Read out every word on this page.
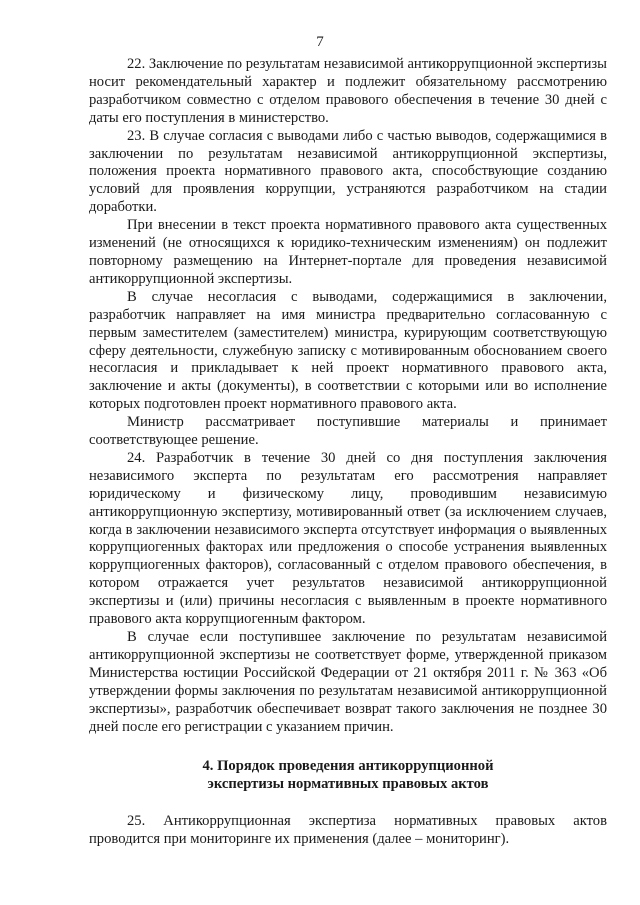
7

22. Заключение по результатам независимой антикоррупционной экспертизы носит рекомендательный характер и подлежит обязательному рассмотрению разработчиком совместно с отделом правового обеспечения в течение 30 дней с даты его поступления в министерство.

23. В случае согласия с выводами либо с частью выводов, содержащимися в заключении по результатам независимой антикоррупционной экспертизы, положения проекта нормативного правового акта, способствующие созданию условий для проявления коррупции, устраняются разработчиком на стадии доработки.

При внесении в текст проекта нормативного правового акта существенных изменений (не относящихся к юридико-техническим изменениям) он подлежит повторному размещению на Интернет-портале для проведения независимой антикоррупционной экспертизы.

В случае несогласия с выводами, содержащимися в заключении, разработчик направляет на имя министра предварительно согласованную с первым заместителем (заместителем) министра, курирующим соответствующую сферу деятельности, служебную записку с мотивированным обоснованием своего несогласия и прикладывает к ней проект нормативного правового акта, заключение и акты (документы), в соответствии с которыми или во исполнение которых подготовлен проект нормативного правового акта.

Министр рассматривает поступившие материалы и принимает соответствующее решение.

24. Разработчик в течение 30 дней со дня поступления заключения независимого эксперта по результатам его рассмотрения направляет юридическому и физическому лицу, проводившим независимую антикоррупционную экспертизу, мотивированный ответ (за исключением случаев, когда в заключении независимого эксперта отсутствует информация о выявленных коррупциогенных факторах или предложения о способе устранения выявленных коррупциогенных факторов), согласованный с отделом правового обеспечения, в котором отражается учет результатов независимой антикоррупционной экспертизы и (или) причины несогласия с выявленным в проекте нормативного правового акта коррупциогенным фактором.

В случае если поступившее заключение по результатам независимой антикоррупционной экспертизы не соответствует форме, утвержденной приказом Министерства юстиции Российской Федерации от 21 октября 2011 г. № 363 «Об утверждении формы заключения по результатам независимой антикоррупционной экспертизы», разработчик обеспечивает возврат такого заключения не позднее 30 дней после его регистрации с указанием причин.

4. Порядок проведения антикоррупционной
экспертизы нормативных правовых актов

25. Антикоррупционная экспертиза нормативных правовых актов проводится при мониторинге их применения (далее – мониторинг).
